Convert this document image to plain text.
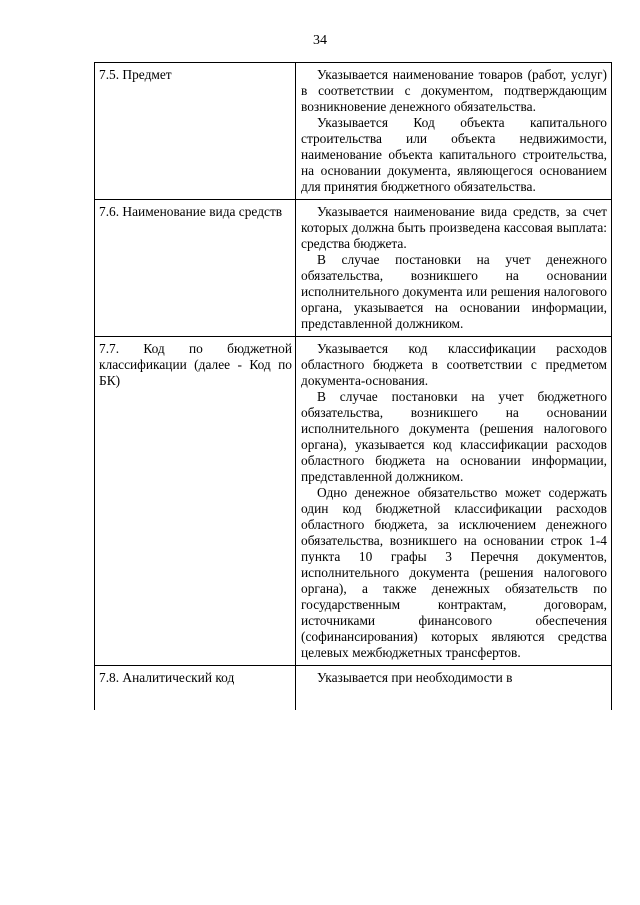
34
7.5. Предмет	Указывается наименование товаров (работ, услуг) в соответствии с документом, подтверждающим возникновение денежного обязательства.

Указывается Код объекта капитального строительства или объекта недвижимости, наименование объекта капитального строительства, на основании документа, являющегося основанием для принятия бюджетного обязательства.

7.6. Наименование вида средств	Указывается наименование вида средств, за счет которых должна быть произведена кассовая выплата: средства бюджета.

В случае постановки на учет денежного обязательства, возникшего на основании исполнительного документа или решения налогового органа, указывается на основании информации, представленной должником.

7.7. Код по бюджетной классификации (далее - Код по БК)	Указывается код классификации расходов областного бюджета в соответствии с предметом документа-основания.

В случае постановки на учет бюджетного обязательства, возникшего на основании исполнительного документа (решения налогового органа), указывается код классификации расходов областного бюджета на основании информации, представленной должником.

Одно денежное обязательство может содержать один код бюджетной классификации расходов областного бюджета, за исключением денежного обязательства, возникшего на основании строк 1-4 пункта 10 графы 3 Перечня документов, исполнительного документа (решения налогового органа), а также денежных обязательств по государственным контрактам, договорам, источниками финансового обеспечения (софинансирования) которых являются средства целевых межбюджетных трансфертов.

7.8. Аналитический код	Указывается при необходимости в
